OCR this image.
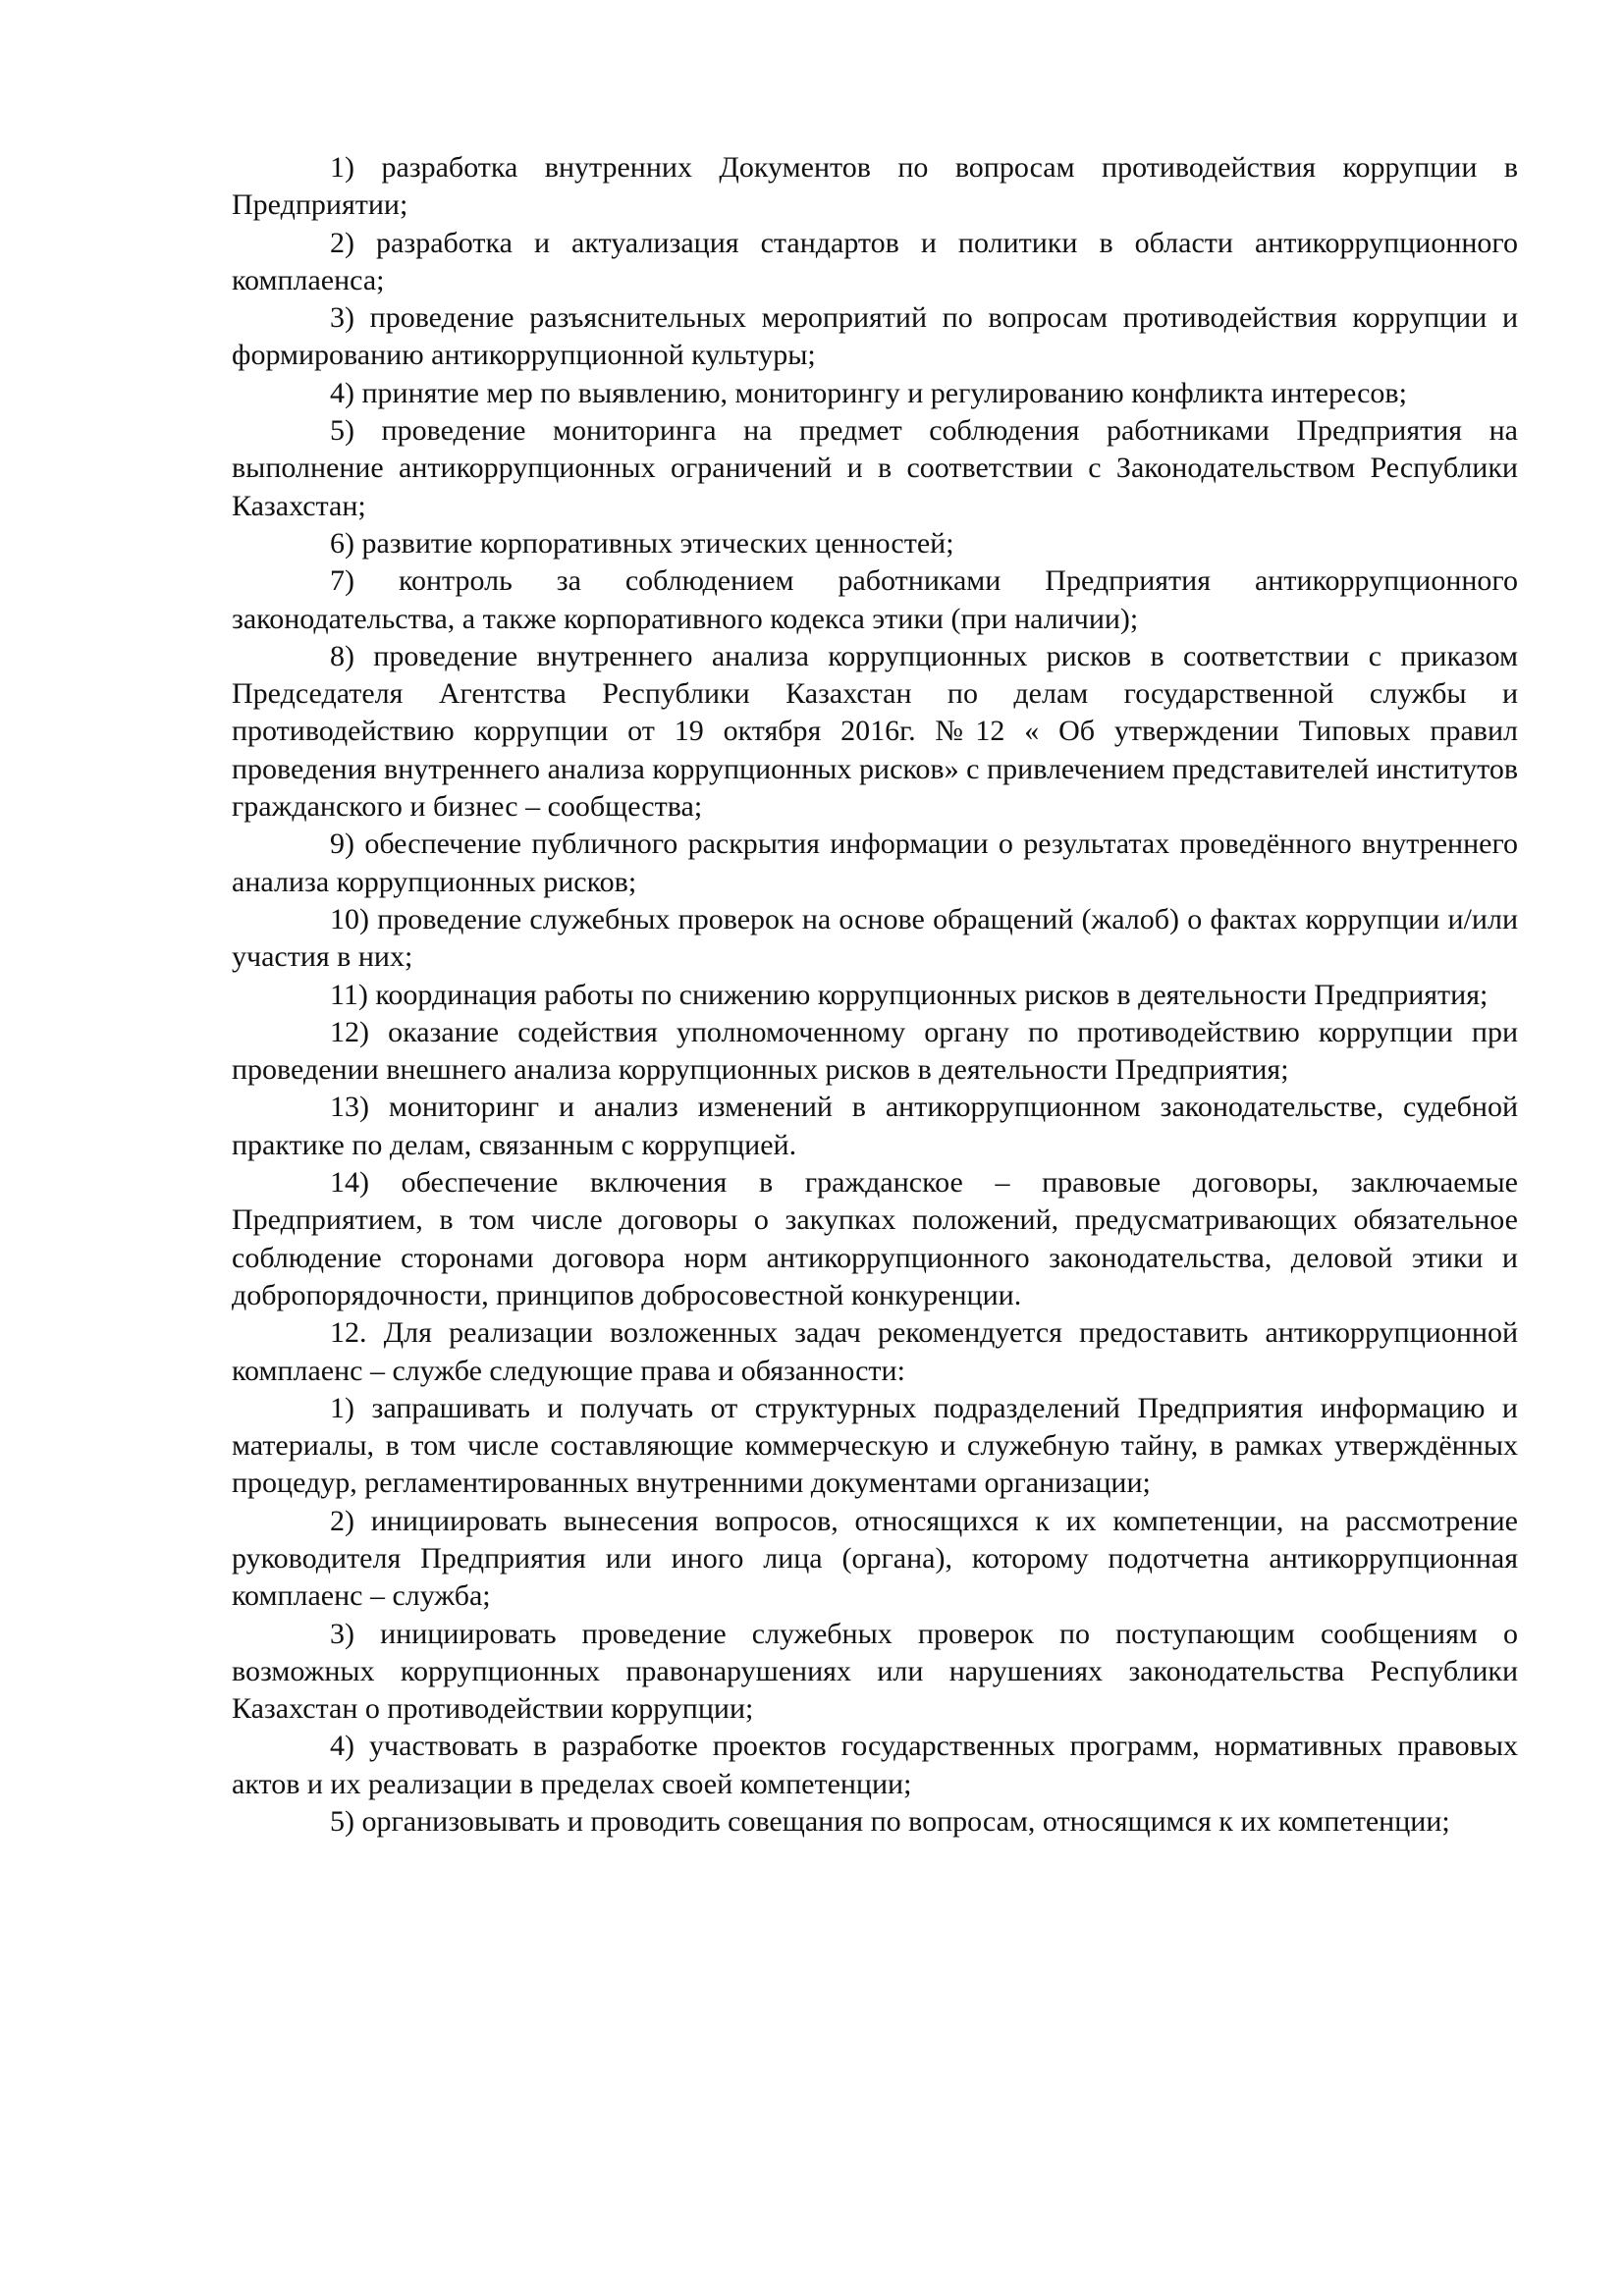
1) разработка внутренних Документов по вопросам противодействия коррупции в Предприятии;

2) разработка и актуализация стандартов и политики в области антикоррупционного комплаенса;

3) проведение разъяснительных мероприятий по вопросам противодействия коррупции и формированию антикоррупционной культуры;

4) принятие мер по выявлению, мониторингу и регулированию конфликта интересов;

5) проведение мониторинга на предмет соблюдения работниками Предприятия на выполнение антикоррупционных ограничений и в соответствии с Законодательством Республики Казахстан;

6) развитие корпоративных этических ценностей;

7) контроль за соблюдением работниками Предприятия антикоррупционного законодательства, а также корпоративного кодекса этики (при наличии);

8) проведение внутреннего анализа коррупционных рисков в соответствии с приказом Председателя Агентства Республики Казахстан по делам государственной службы и противодействию коррупции от 19 октября 2016г. №12 « Об утверждении Типовых правил проведения внутреннего анализа коррупционных рисков» с привлечением представителей институтов гражданского и бизнес – сообщества;

9) обеспечение публичного раскрытия информации о результатах проведённого внутреннего анализа коррупционных рисков;

10) проведение служебных проверок на основе обращений (жалоб) о фактах коррупции и/или участия в них;

11) координация работы по снижению коррупционных рисков в деятельности Предприятия;

12) оказание содействия уполномоченному органу по противодействию коррупции при проведении внешнего анализа коррупционных рисков в деятельности Предприятия;

13) мониторинг и анализ изменений в антикоррупционном законодательстве, судебной практике по делам, связанным с коррупцией.

14) обеспечение включения в гражданское – правовые договоры, заключаемые Предприятием, в том числе договоры о закупках положений, предусматривающих обязательное соблюдение сторонами договора норм антикоррупционного законодательства, деловой этики и добропорядочности, принципов добросовестной конкуренции.

12. Для реализации возложенных задач рекомендуется предоставить антикоррупционной комплаенс – службе следующие права и обязанности:

1) запрашивать и получать от структурных подразделений Предприятия информацию и материалы, в том числе составляющие коммерческую и служебную тайну, в рамках утверждённых процедур, регламентированных внутренними документами организации;

2) инициировать вынесения вопросов, относящихся к их компетенции, на рассмотрение руководителя Предприятия или иного лица (органа), которому подотчетна антикоррупционная комплаенс – служба;

3) инициировать проведение служебных проверок по поступающим сообщениям о возможных коррупционных правонарушениях или нарушениях законодательства Республики Казахстан о противодействии коррупции;

4) участвовать в разработке проектов государственных программ, нормативных правовых актов и их реализации в пределах своей компетенции;

5) организовывать и проводить совещания по вопросам, относящимся к их компетенции;
